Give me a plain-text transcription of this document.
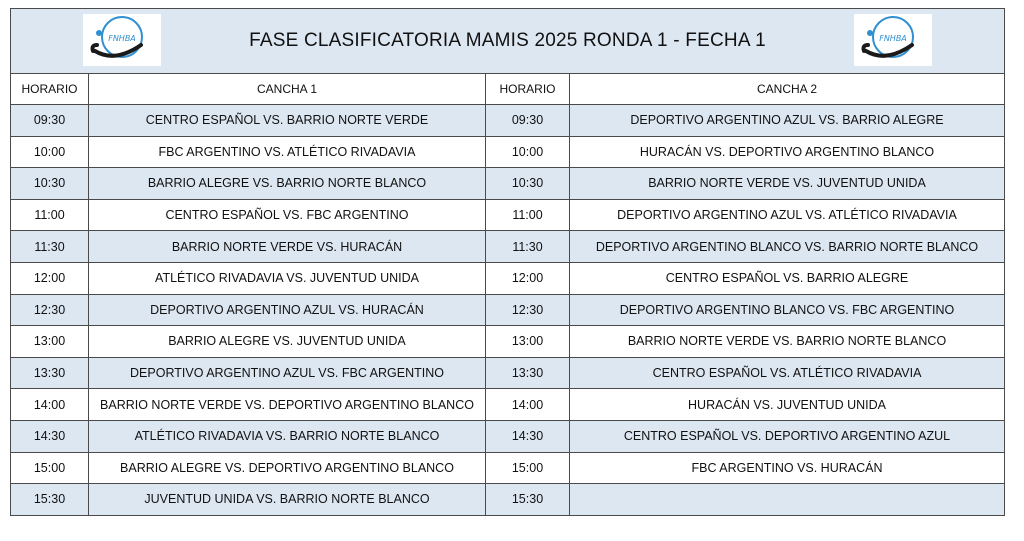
FNHBA FASE CLASIFICATORIA MAMIS 2025 RONDA 1 - FECHA 1 FNHBA			

HORARIO	CANCHA 1	HORARIO	CANCHA 2
09:30	CENTRO ESPAÑOL VS. BARRIO NORTE VERDE	09:30	DEPORTIVO ARGENTINO AZUL VS. BARRIO ALEGRE
10:00	FBC ARGENTINO VS. ATLÉTICO RIVADAVIA	10:00	HURACÁN VS. DEPORTIVO ARGENTINO BLANCO
10:30	BARRIO ALEGRE VS. BARRIO NORTE BLANCO	10:30	BARRIO NORTE VERDE VS. JUVENTUD UNIDA
11:00	CENTRO ESPAÑOL VS. FBC ARGENTINO	11:00	DEPORTIVO ARGENTINO AZUL VS. ATLÉTICO RIVADAVIA
11:30	BARRIO NORTE VERDE VS. HURACÁN	11:30	DEPORTIVO ARGENTINO BLANCO VS. BARRIO NORTE BLANCO
12:00	ATLÉTICO RIVADAVIA VS. JUVENTUD UNIDA	12:00	CENTRO ESPAÑOL VS. BARRIO ALEGRE
12:30	DEPORTIVO ARGENTINO AZUL VS. HURACÁN	12:30	DEPORTIVO ARGENTINO BLANCO VS. FBC ARGENTINO
13:00	BARRIO ALEGRE VS. JUVENTUD UNIDA	13:00	BARRIO NORTE VERDE VS. BARRIO NORTE BLANCO
13:30	DEPORTIVO ARGENTINO AZUL VS. FBC ARGENTINO	13:30	CENTRO ESPAÑOL VS. ATLÉTICO RIVADAVIA
14:00	BARRIO NORTE VERDE VS. DEPORTIVO ARGENTINO BLANCO	14:00	HURACÁN VS. JUVENTUD UNIDA
14:30	ATLÉTICO RIVADAVIA VS. BARRIO NORTE BLANCO	14:30	CENTRO ESPAÑOL VS. DEPORTIVO ARGENTINO AZUL
15:00	BARRIO ALEGRE VS. DEPORTIVO ARGENTINO BLANCO	15:00	FBC ARGENTINO VS. HURACÁN
15:30	JUVENTUD UNIDA VS. BARRIO NORTE BLANCO	15:30	
